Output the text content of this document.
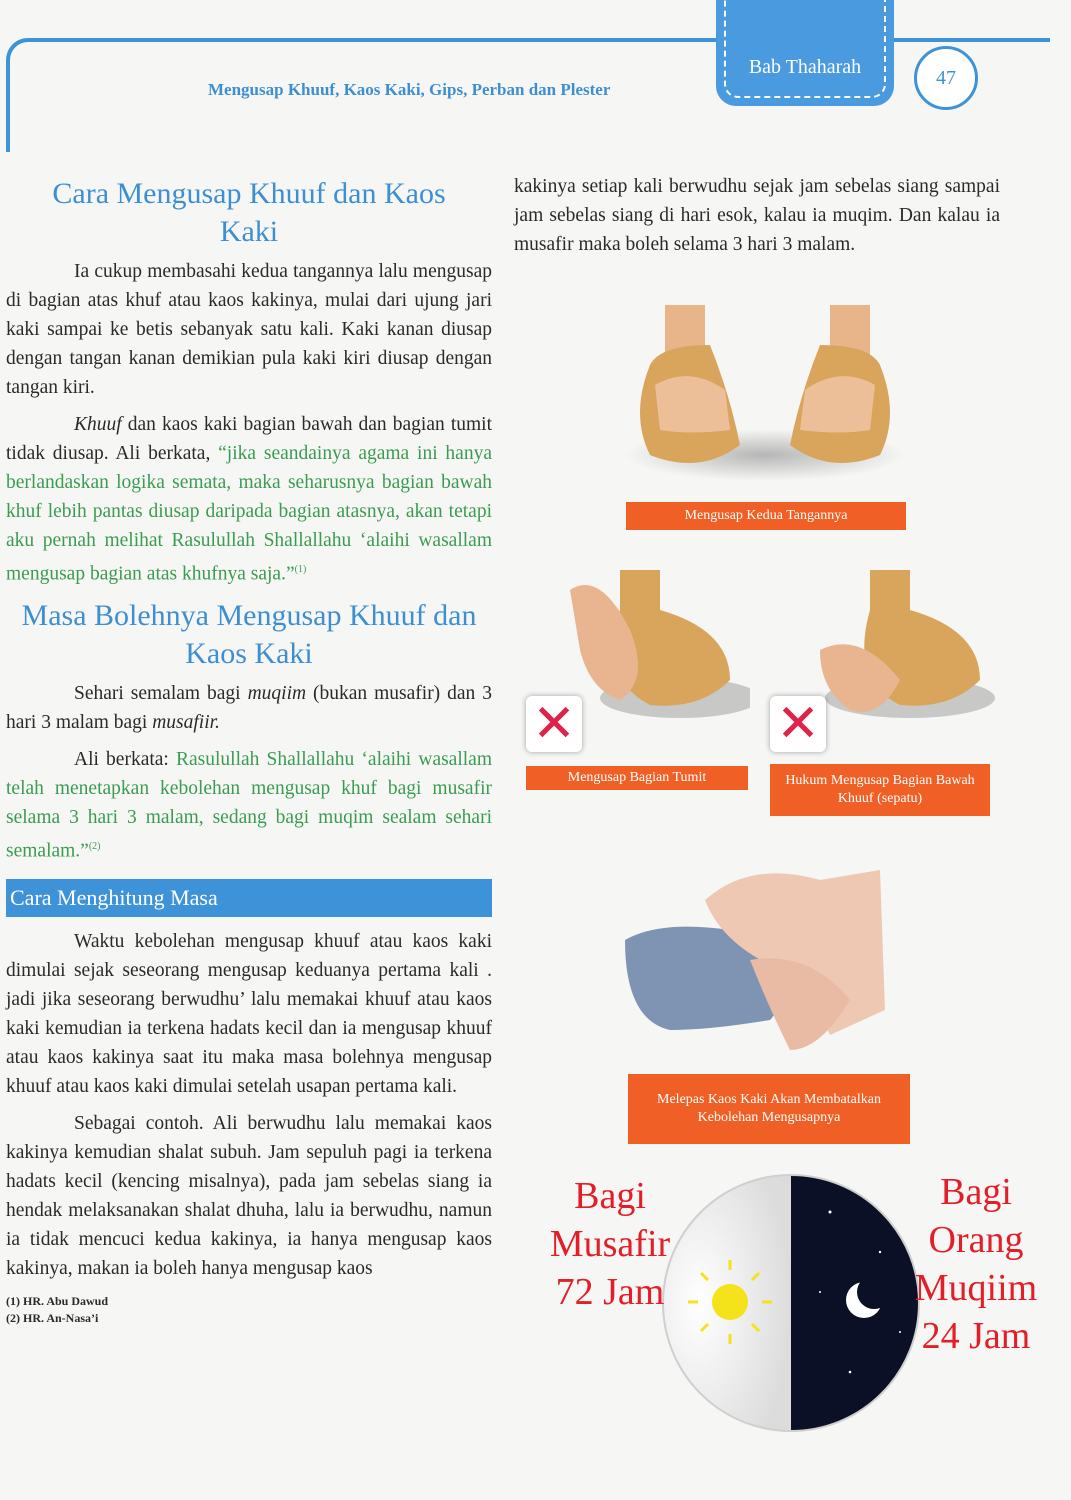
Mengusap Khuuf, Kaos Kaki, Gips, Perban dan Plester
Bab Thaharah	47
Cara Mengusap Khuuf dan Kaos
Kaki

Ia cukup membasahi kedua tangannya lalu mengusap di bagian atas khuf atau kaos kakinya, mulai dari ujung jari kaki sampai ke betis sebanyak satu kali. Kaki kanan diusap dengan tangan kanan demikian pula kaki kiri diusap dengan tangan kiri.

Khuuf dan kaos kaki bagian bawah dan bagian tumit tidak diusap. Ali berkata, “jika seandainya agama ini hanya berlandaskan logika semata, maka seharusnya bagian bawah khuf lebih pantas diusap daripada bagian atasnya, akan tetapi aku pernah melihat Rasulullah Shallallahu ‘alaihi wasallam mengusap bagian atas khufnya saja.”$^{(1)}$

Masa Bolehnya Mengusap Khuuf dan
Kaos Kaki

Sehari semalam bagi muqiim (bukan musafir) dan 3 hari 3 malam bagi musafiir.

Ali berkata: Rasulullah Shallallahu ‘alaihi wasallam telah menetapkan kebolehan mengusap khuf bagi musafir selama 3 hari 3 malam, sedang bagi muqim sealam sehari semalam.”$^{(2)}$

Cara Menghitung Masa

Waktu kebolehan mengusap khuuf atau kaos kaki dimulai sejak seseorang mengusap keduanya pertama kali . jadi jika seseorang berwudhu’ lalu memakai khuuf atau kaos kaki kemudian ia terkena hadats kecil dan ia mengusap khuuf atau kaos kakinya saat itu maka masa bolehnya mengusap khuuf atau kaos kaki dimulai setelah usapan pertama kali.

Sebagai contoh. Ali berwudhu lalu memakai kaos kakinya kemudian shalat subuh. Jam sepuluh pagi ia terkena hadats kecil (kencing misalnya), pada jam sebelas siang ia hendak melaksanakan shalat dhuha, lalu ia berwudhu, namun ia tidak mencuci kedua kakinya, ia hanya mengusap kaos kakinya, makan ia boleh hanya mengusap kaos

(1) HR. Abu Dawud
(2) HR. An-Nasa’i

kakinya setiap kali berwudhu sejak jam sebelas siang sampai jam sebelas siang di hari esok, kalau ia muqim. Dan kalau ia musafir maka boleh selama 3 hari 3 malam.

Mengusap Kedua Tangannya
✕
Mengusap Bagian Tumit
✕
Hukum Mengusap Bagian Bawah Khuuf (sepatu)
Melepas Kaos Kaki Akan Membatalkan Kebolehan Mengusapnya
Bagi
Musafir
72 Jam
Bagi
Orang
Muqiim
24 Jam
